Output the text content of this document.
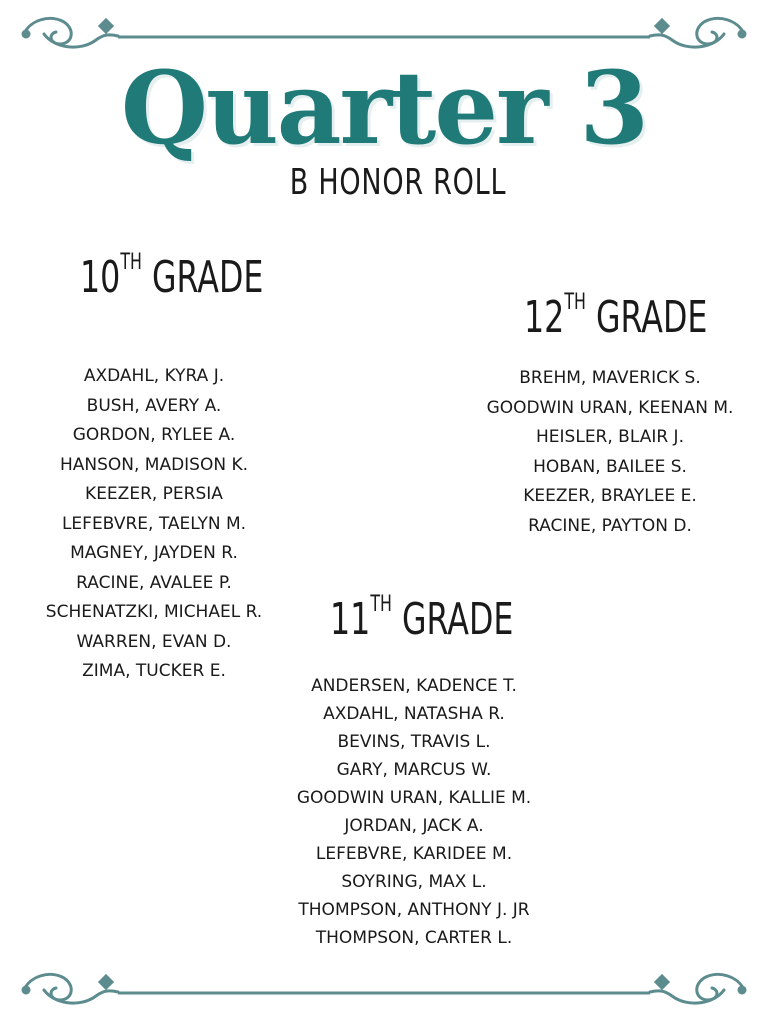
Quarter 3
B HONOR ROLL
10TH GRADE
AXDAHL, KYRA J.
BUSH, AVERY A.
GORDON, RYLEE A.
HANSON, MADISON K.
KEEZER, PERSIA
LEFEBVRE, TAELYN M.
MAGNEY, JAYDEN R.
RACINE, AVALEE P.
SCHENATZKI, MICHAEL R.
WARREN, EVAN D.
ZIMA, TUCKER E.
12TH GRADE
BREHM, MAVERICK S.
GOODWIN URAN, KEENAN M.
HEISLER, BLAIR J.
HOBAN, BAILEE S.
KEEZER, BRAYLEE E.
RACINE, PAYTON D.
11TH GRADE
ANDERSEN, KADENCE T.
AXDAHL, NATASHA R.
BEVINS, TRAVIS L.
GARY, MARCUS W.
GOODWIN URAN, KALLIE M.
JORDAN, JACK A.
LEFEBVRE, KARIDEE M.
SOYRING, MAX L.
THOMPSON, ANTHONY J. JR
THOMPSON, CARTER L.
